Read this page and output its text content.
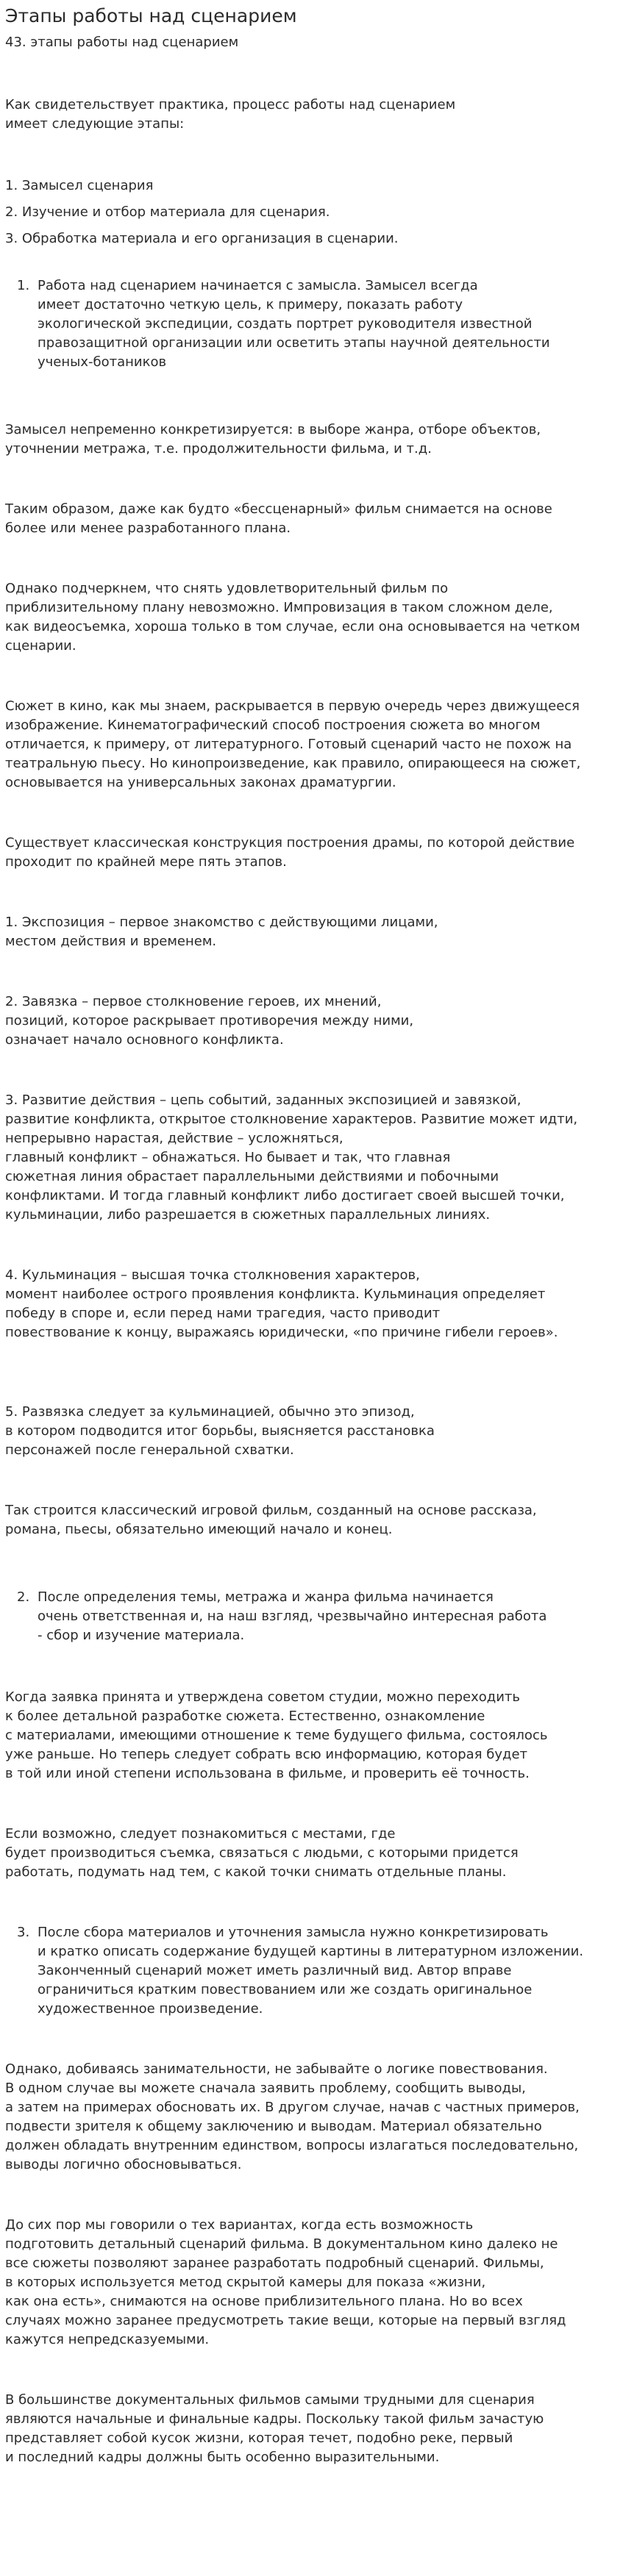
Этапы работы над сценарием
43. этапы работы над сценарием

Как свидетельствует практика, процесс работы над сценарием
имеет следующие этапы:

1. Замысел сценария

2. Изучение и отбор материала для сценария.

3. Обработка материала и его организация в сценарии.

1. Работа над сценарием начинается с замысла. Замысел всегда
имеет достаточно четкую цель, к примеру, показать работу
экологической экспедиции, создать портрет руководителя известной
правозащитной организации или осветить этапы научной деятельности
ученых-ботаников

Замысел непременно конкретизируется: в выборе жанра, отборе объектов,
уточнении метража, т.е. продолжительности фильма, и т.д.

Таким образом, даже как будто «бессценарный» фильм снимается на основе
более или менее разработанного плана.

Однако подчеркнем, что снять удовлетворительный фильм по
приблизительному плану невозможно. Импровизация в таком сложном деле,
как видеосъемка, хороша только в том случае, если она основывается на четком
сценарии.

Сюжет в кино, как мы знаем, раскрывается в первую очередь через движущееся
изображение. Кинематографический способ построения сюжета во многом
отличается, к примеру, от литературного. Готовый сценарий часто не похож на
театральную пьесу. Но кинопроизведение, как правило, опирающееся на сюжет,
основывается на универсальных законах драматургии.

Существует классическая конструкция построения драмы, по которой действие
проходит по крайней мере пять этапов.

1. Экспозиция – первое знакомство с действующими лицами,
местом действия и временем.

2. Завязка – первое столкновение героев, их мнений,
позиций, которое раскрывает противоречия между ними,
означает начало основного конфликта.

3. Развитие действия – цепь событий, заданных экспозицией и завязкой,
развитие конфликта, открытое столкновение характеров. Развитие может идти,
непрерывно нарастая, действие – усложняться,
главный конфликт – обнажаться. Но бывает и так, что главная
сюжетная линия обрастает параллельными действиями и побочными
конфликтами. И тогда главный конфликт либо достигает своей высшей точки,
кульминации, либо разрешается в сюжетных параллельных линиях.

4. Кульминация – высшая точка столкновения характеров,
момент наиболее острого проявления конфликта. Кульминация определяет
победу в споре и, если перед нами трагедия, часто приводит
повествование к концу, выражаясь юридически, «по причине гибели героев».

5. Развязка следует за кульминацией, обычно это эпизод,
в котором подводится итог борьбы, выясняется расстановка
персонажей после генеральной схватки.

Так строится классический игровой фильм, созданный на основе рассказа,
романа, пьесы, обязательно имеющий начало и конец.

2. После определения темы, метража и жанра фильма начинается
очень ответственная и, на наш взгляд, чрезвычайно интересная работа
- сбор и изучение материала.

Когда заявка принята и утверждена советом студии, можно переходить
к более детальной разработке сюжета. Естественно, ознакомление
с материалами, имеющими отношение к теме будущего фильма, состоялось
уже раньше. Но теперь следует собрать всю информацию, которая будет
в той или иной степени использована в фильме, и проверить её точность.

Если возможно, следует познакомиться с местами, где
будет производиться съемка, связаться с людьми, с которыми придется
работать, подумать над тем, с какой точки снимать отдельные планы.

3. После сбора материалов и уточнения замысла нужно конкретизировать
и кратко описать содержание будущей картины в литературном изложении.
Законченный сценарий может иметь различный вид. Автор вправе
ограничиться кратким повествованием или же создать оригинальное
художественное произведение.

Однако, добиваясь занимательности, не забывайте о логике повествования.
В одном случае вы можете сначала заявить проблему, сообщить выводы,
а затем на примерах обосновать их. В другом случае, начав с частных примеров,
подвести зрителя к общему заключению и выводам. Материал обязательно
должен обладать внутренним единством, вопросы излагаться последовательно,
выводы логично обосновываться.

До сих пор мы говорили о тех вариантах, когда есть возможность
подготовить детальный сценарий фильма. В документальном кино далеко не
все сюжеты позволяют заранее разработать подробный сценарий. Фильмы,
в которых используется метод скрытой камеры для показа «жизни,
как она есть», снимаются на основе приблизительного плана. Но во всех
случаях можно заранее предусмотреть такие вещи, которые на первый взгляд
кажутся непредсказуемыми.

В большинстве документальных фильмов самыми трудными для сценария
являются начальные и финальные кадры. Поскольку такой фильм зачастую
представляет собой кусок жизни, которая течет, подобно реке, первый
и последний кадры должны быть особенно выразительными.
